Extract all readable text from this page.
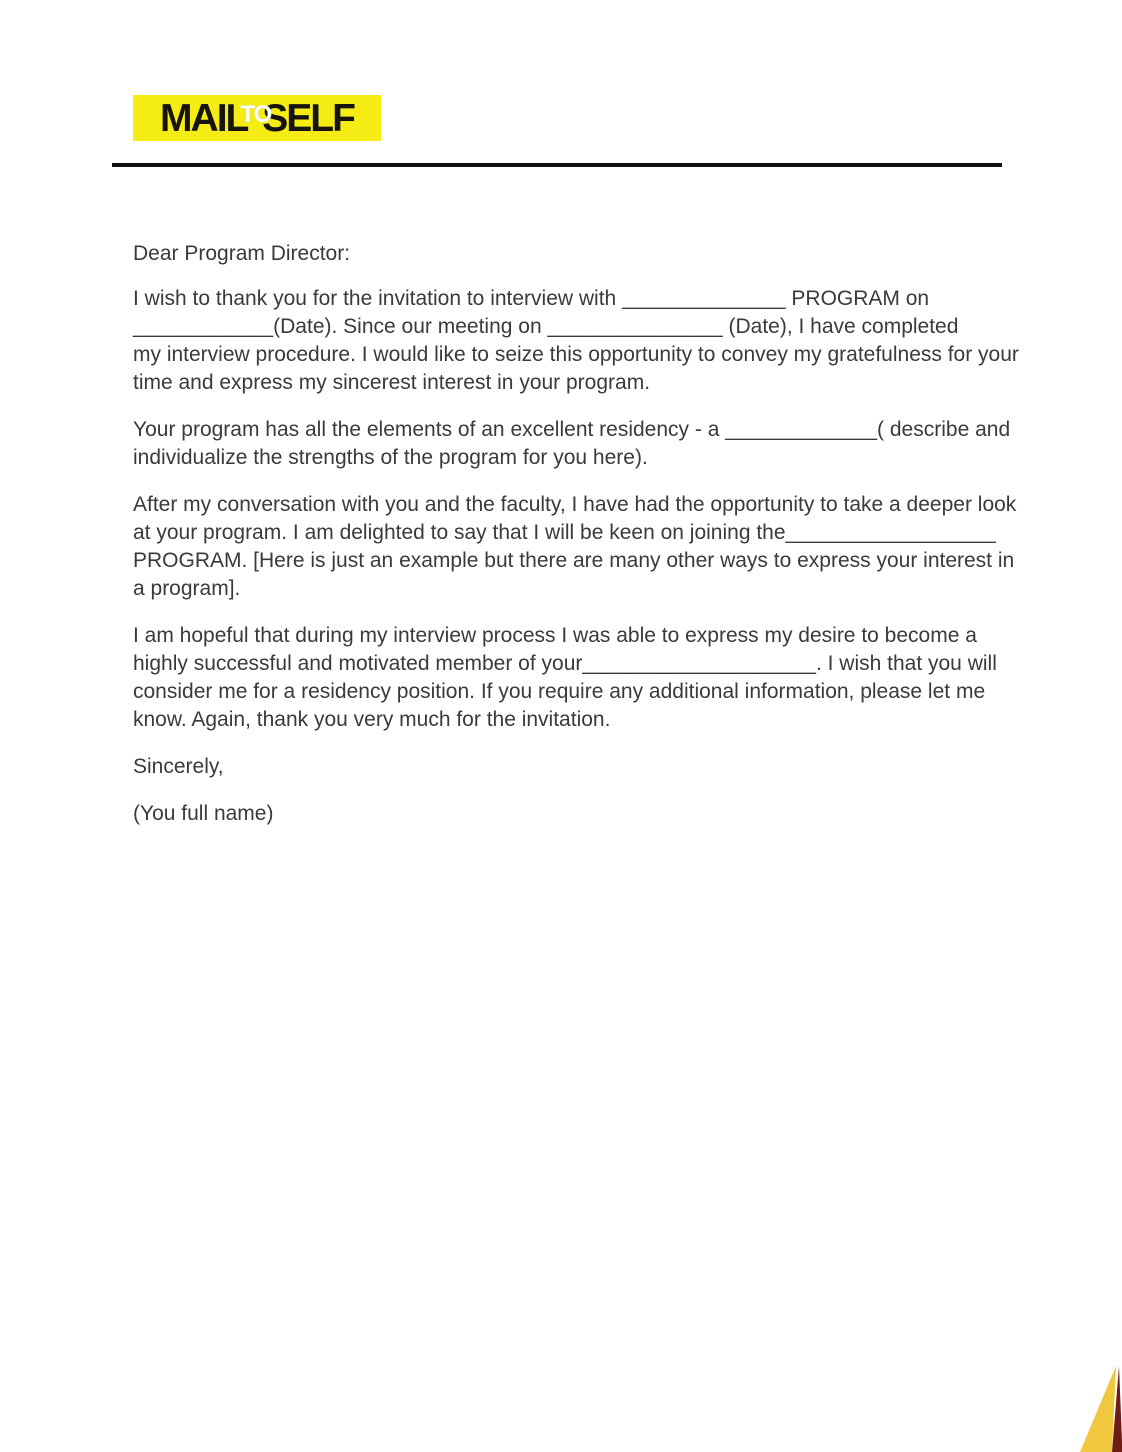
MAIL
TO
SELF
Dear Program Director:
I wish to thank you for the invitation to interview with ______________ PROGRAM on
____________(Date). Since our meeting on _______________ (Date), I have completed
my interview procedure. I would like to seize this opportunity to convey my gratefulness for your
time and express my sincerest interest in your program.
Your program has all the elements of an excellent residency - a _____________( describe and
individualize the strengths of the program for you here).
After my conversation with you and the faculty, I have had the opportunity to take a deeper look
at your program. I am delighted to say that I will be keen on joining the__________________
PROGRAM. [Here is just an example but there are many other ways to express your interest in
a program].
I am hopeful that during my interview process I was able to express my desire to become a
highly successful and motivated member of your____________________. I wish that you will
consider me for a residency position. If you require any additional information, please let me
know. Again, thank you very much for the invitation.
Sincerely,
(You full name)
